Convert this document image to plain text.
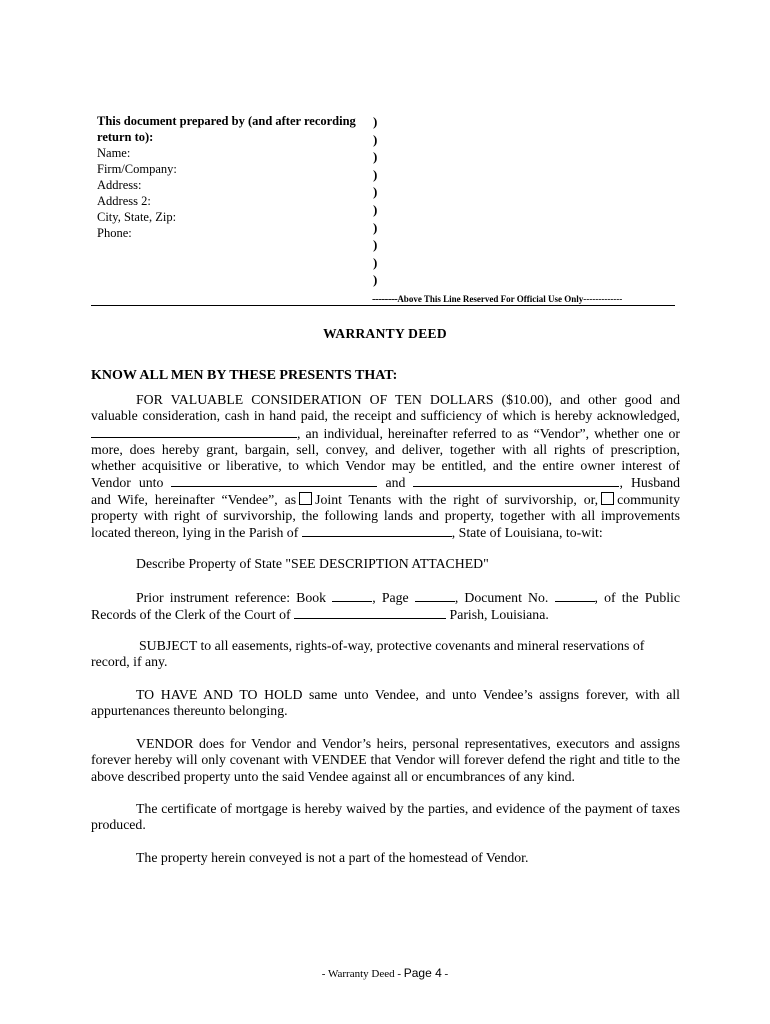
This document prepared by (and after recording
return to):
Name:
Firm/Company:
Address:
Address 2:
City, State, Zip:
Phone:
)
)
)
)
)
)
)
)
)
)
--------Above This Line Reserved For Official Use Only-------------
WARRANTY DEED
KNOW ALL MEN BY THESE PRESENTS THAT:
FOR VALUABLE CONSIDERATION OF TEN DOLLARS ($10.00), and other good and
valuable consideration, cash in hand paid, the receipt and sufficiency of which is hereby acknowledged,
, an individual, hereinafter referred to as “Vendor”, whether one or
more, does hereby grant, bargain, sell, convey, and deliver, together with all rights of prescription,
whether acquisitive or liberative, to which Vendor may be entitled, and the entire owner interest of
Vendor unto	and	, Husband
and Wife, hereinafter “Vendee”, as Joint Tenants with the right of survivorship, or, community
property with right of survivorship, the following lands and property, together with all improvements
located thereon, lying in the Parish of	, State of Louisiana, to-wit:
Describe Property of State "SEE DESCRIPTION ATTACHED"
Prior instrument reference: Book	, Page	, Document No.	, of the Public
Records of the Clerk of the Court of	Parish, Louisiana.
SUBJECT to all easements, rights-of-way, protective covenants and mineral reservations of
record, if any.
TO HAVE AND TO HOLD same unto Vendee, and unto Vendee’s assigns forever, with all
appurtenances thereunto belonging.
VENDOR does for Vendor and Vendor’s heirs, personal representatives, executors and assigns
forever hereby will only covenant with VENDEE that Vendor will forever defend the right and title to the
above described property unto the said Vendee against all or encumbrances of any kind.
The certificate of mortgage is hereby waived by the parties, and evidence of the payment of taxes
produced.
The property herein conveyed is not a part of the homestead of Vendor.
- Warranty Deed - Page 4 -
